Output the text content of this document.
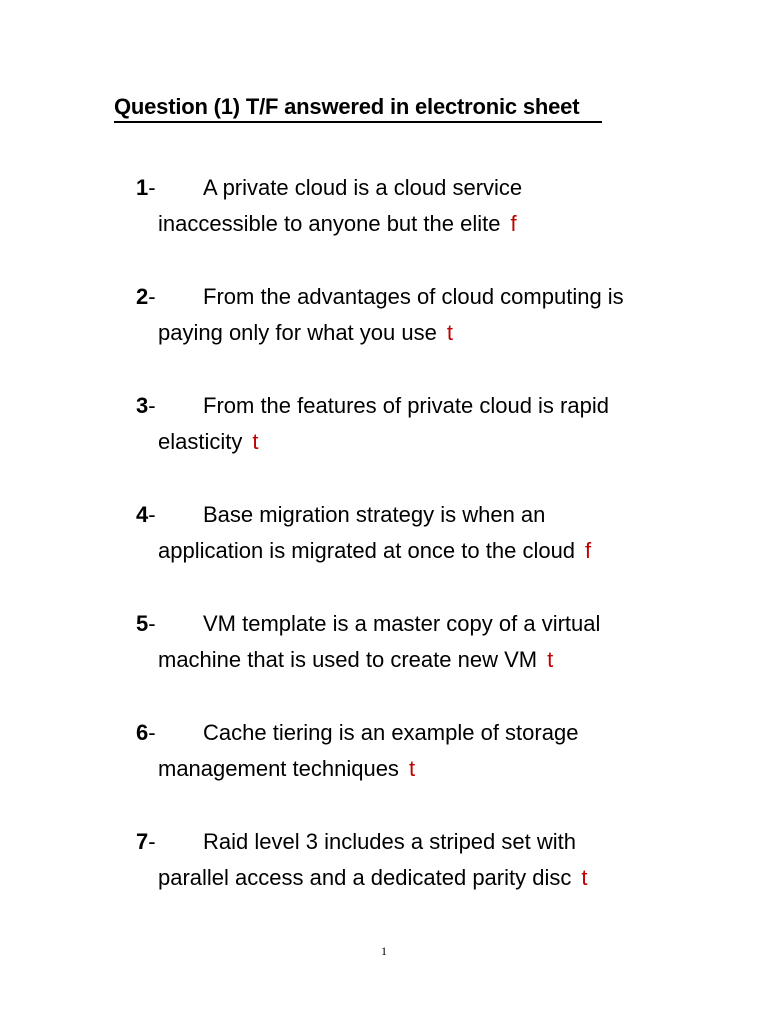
Question (1) T/F answered in electronic sheet
1- A private cloud is a cloud service
inaccessible to anyone but the elite f
2- From the advantages of cloud computing is
paying only for what you use t
3- From the features of private cloud is rapid
elasticity t
4- Base migration strategy is when an
application is migrated at once to the cloud f
5- VM template is a master copy of a virtual
machine that is used to create new VM t
6- Cache tiering is an example of storage
management techniques t
7- Raid level 3 includes a striped set with
parallel access and a dedicated parity disc t
1
